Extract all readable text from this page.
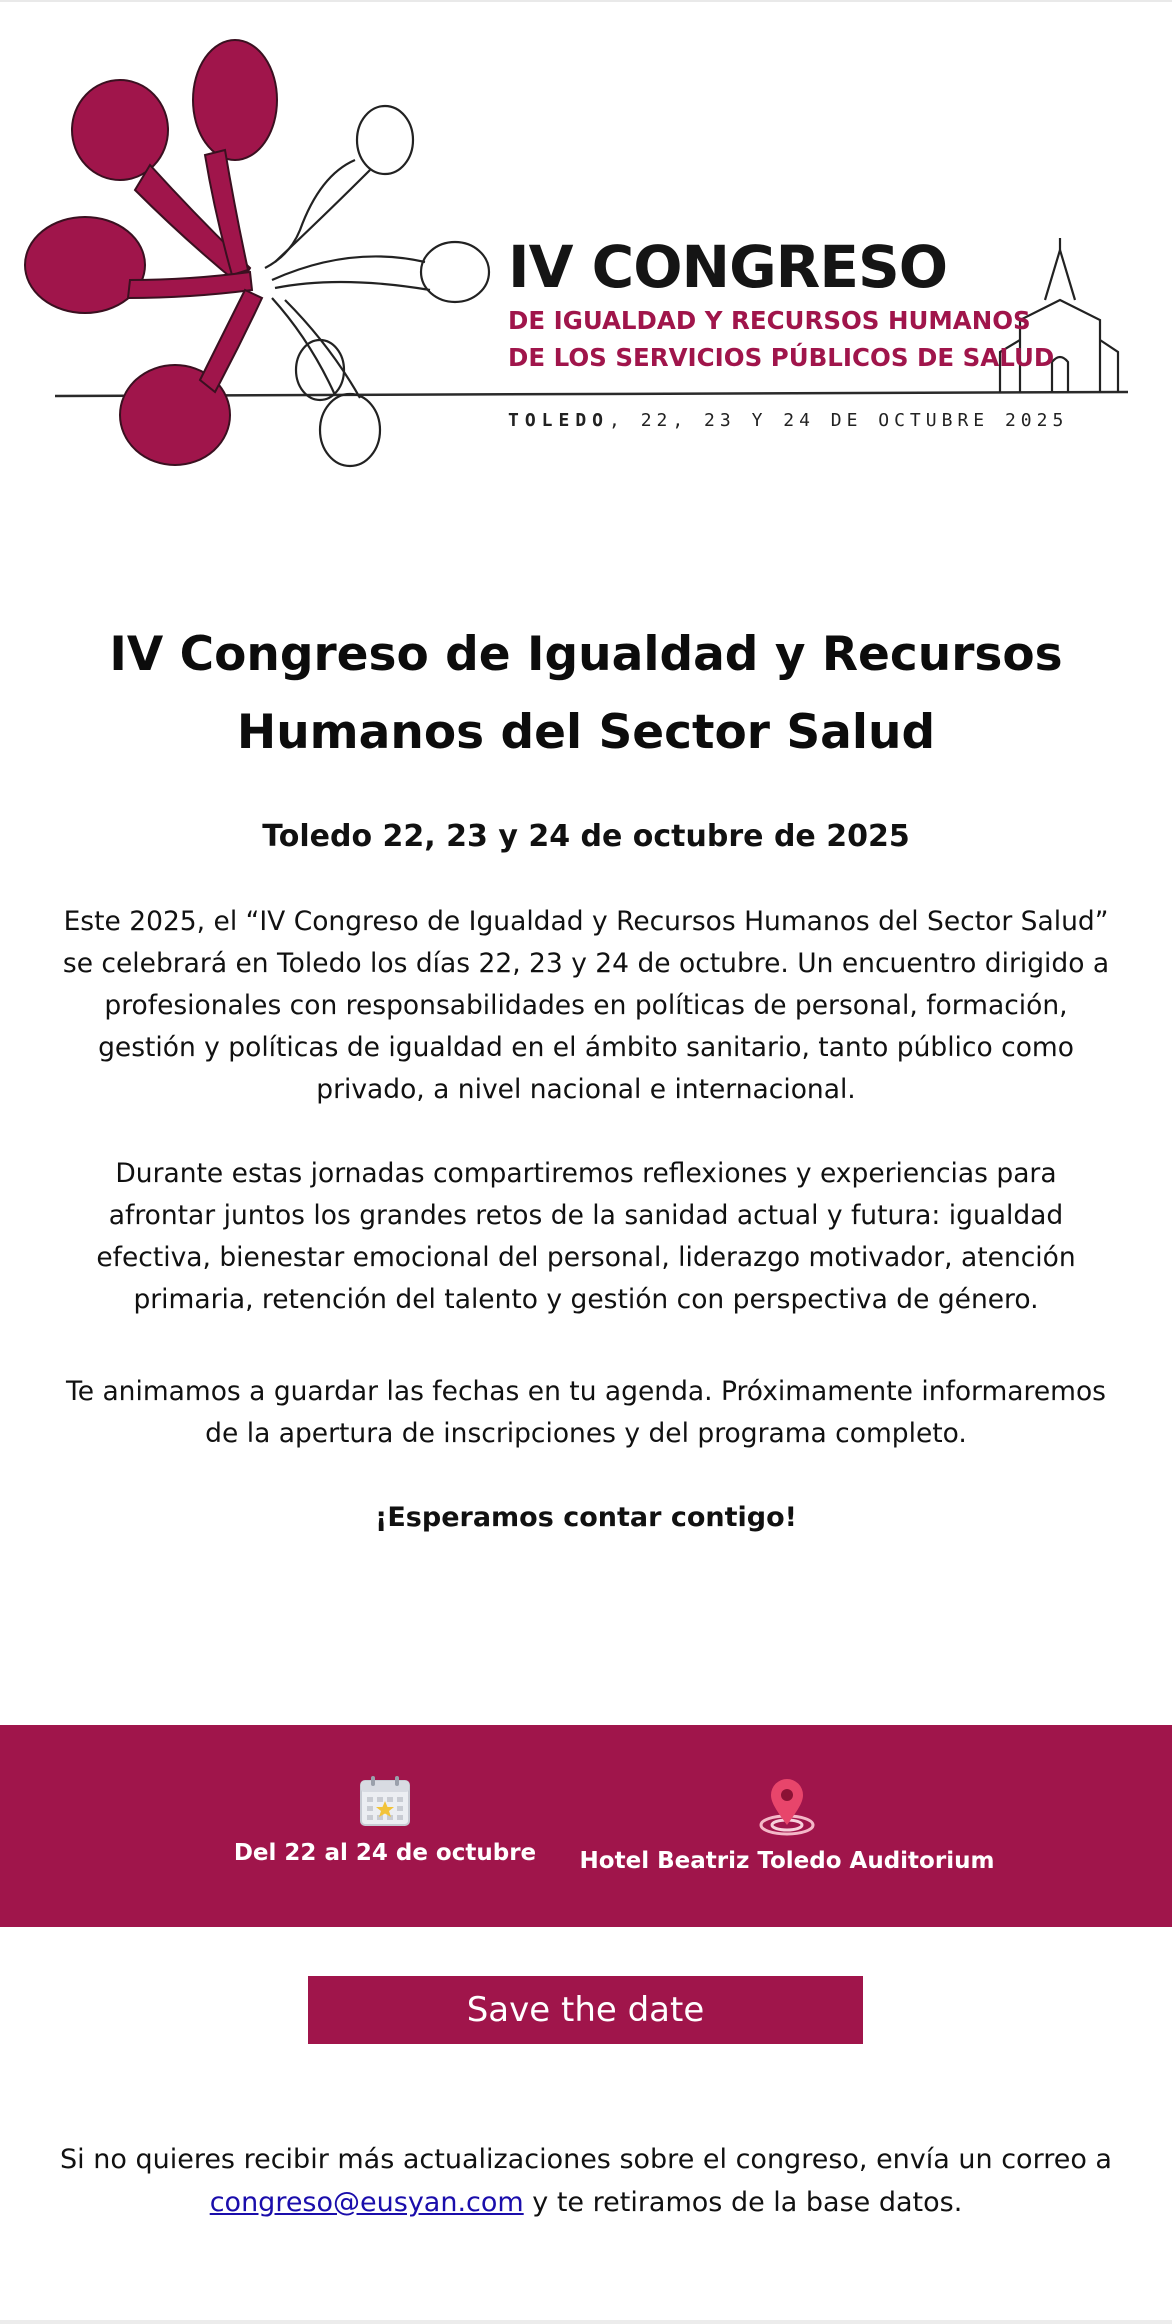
IV CONGRESO

DE IGUALDAD Y RECURSOS HUMANOS

DE LOS SERVICIOS PÚBLICOS DE SALUD

TOLEDO, 22, 23 Y 24 DE OCTUBRE 2025

IV Congreso de Igualdad y Recursos Humanos del Sector Salud
Toledo 22, 23 y 24 de octubre de 2025

Este 2025, el “IV Congreso de Igualdad y Recursos Humanos del Sector Salud” se celebrará en Toledo los días 22, 23 y 24 de octubre. Un encuentro dirigido a profesionales con responsabilidades en políticas de personal, formación, gestión y políticas de igualdad en el ámbito sanitario, tanto público como privado, a nivel nacional e internacional.

Durante estas jornadas compartiremos reflexiones y experiencias para afrontar juntos los grandes retos de la sanidad actual y futura: igualdad efectiva, bienestar emocional del personal, liderazgo motivador, atención primaria, retención del talento y gestión con perspectiva de género.

Te animamos a guardar las fechas en tu agenda. Próximamente informaremos de la apertura de inscripciones y del programa completo.

¡Esperamos contar contigo!

Del 22 al 24 de octubre	Hotel Beatriz Toledo Auditorium
Save the date

Si no quieres recibir más actualizaciones sobre el congreso, envía un correo a congreso@eusyan.com y te retiramos de la base datos.
